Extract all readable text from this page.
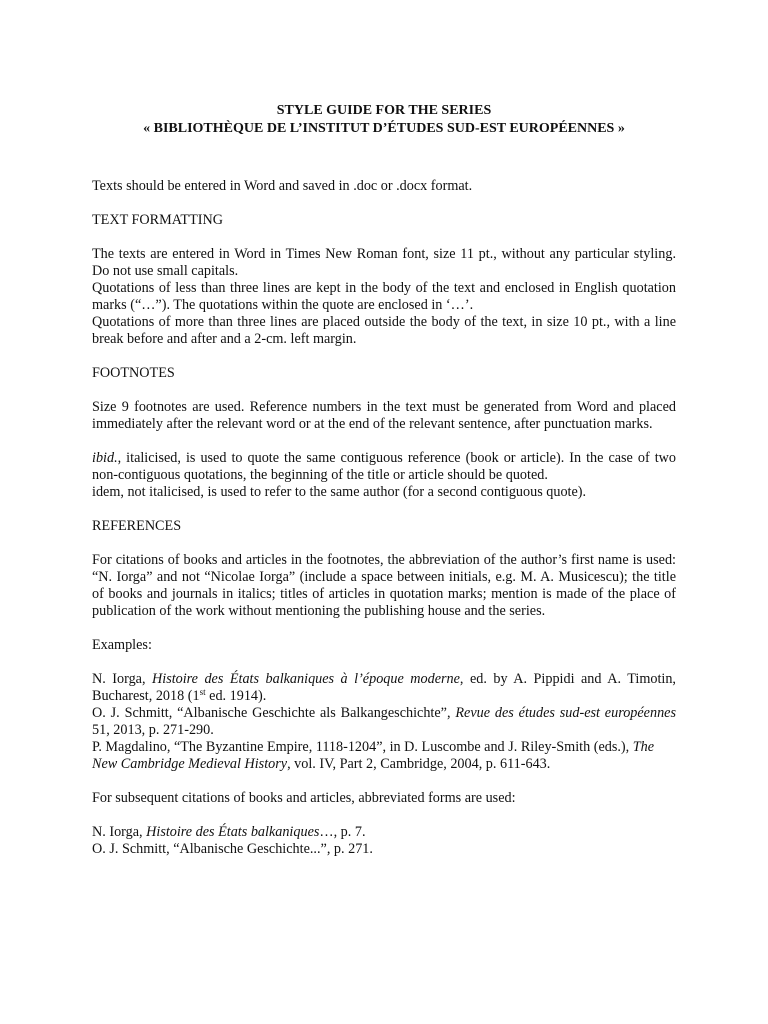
STYLE GUIDE FOR THE SERIES
« BIBLIOTHÈQUE DE L’INSTITUT D’ÉTUDES SUD-EST EUROPÉENNES »

Texts should be entered in Word and saved in .doc or .docx format.

TEXT FORMATTING

The texts are entered in Word in Times New Roman font, size 11 pt., without any particular styling. Do not use small capitals.

Quotations of less than three lines are kept in the body of the text and enclosed in English quotation marks (“…”). The quotations within the quote are enclosed in ‘…’.

Quotations of more than three lines are placed outside the body of the text, in size 10 pt., with a line break before and after and a 2-cm. left margin.

FOOTNOTES

Size 9 footnotes are used. Reference numbers in the text must be generated from Word and placed immediately after the relevant word or at the end of the relevant sentence, after punctuation marks.

ibid., italicised, is used to quote the same contiguous reference (book or article). In the case of two non-contiguous quotations, the beginning of the title or article should be quoted.

idem, not italicised, is used to refer to the same author (for a second contiguous quote).

REFERENCES

For citations of books and articles in the footnotes, the abbreviation of the author’s first name is used: “N. Iorga” and not “Nicolae Iorga” (include a space between initials, e.g. M. A. Musicescu); the title of books and journals in italics; titles of articles in quotation marks; mention is made of the place of publication of the work without mentioning the publishing house and the series.

Examples:

N. Iorga, Histoire des États balkaniques à l’époque moderne, ed. by A. Pippidi and A. Timotin, Bucharest, 2018 (1st ed. 1914).

O. J. Schmitt, “Albanische Geschichte als Balkangeschichte”, Revue des études sud-est européennes 51, 2013, p. 271-290.

P. Magdalino, “The Byzantine Empire, 1118-1204”, in D. Luscombe and J. Riley-Smith (eds.), The New Cambridge Medieval History, vol. IV, Part 2, Cambridge, 2004, p. 611-643.

For subsequent citations of books and articles, abbreviated forms are used:

N. Iorga, Histoire des États balkaniques…, p. 7.

O. J. Schmitt, “Albanische Geschichte...”, p. 271.
